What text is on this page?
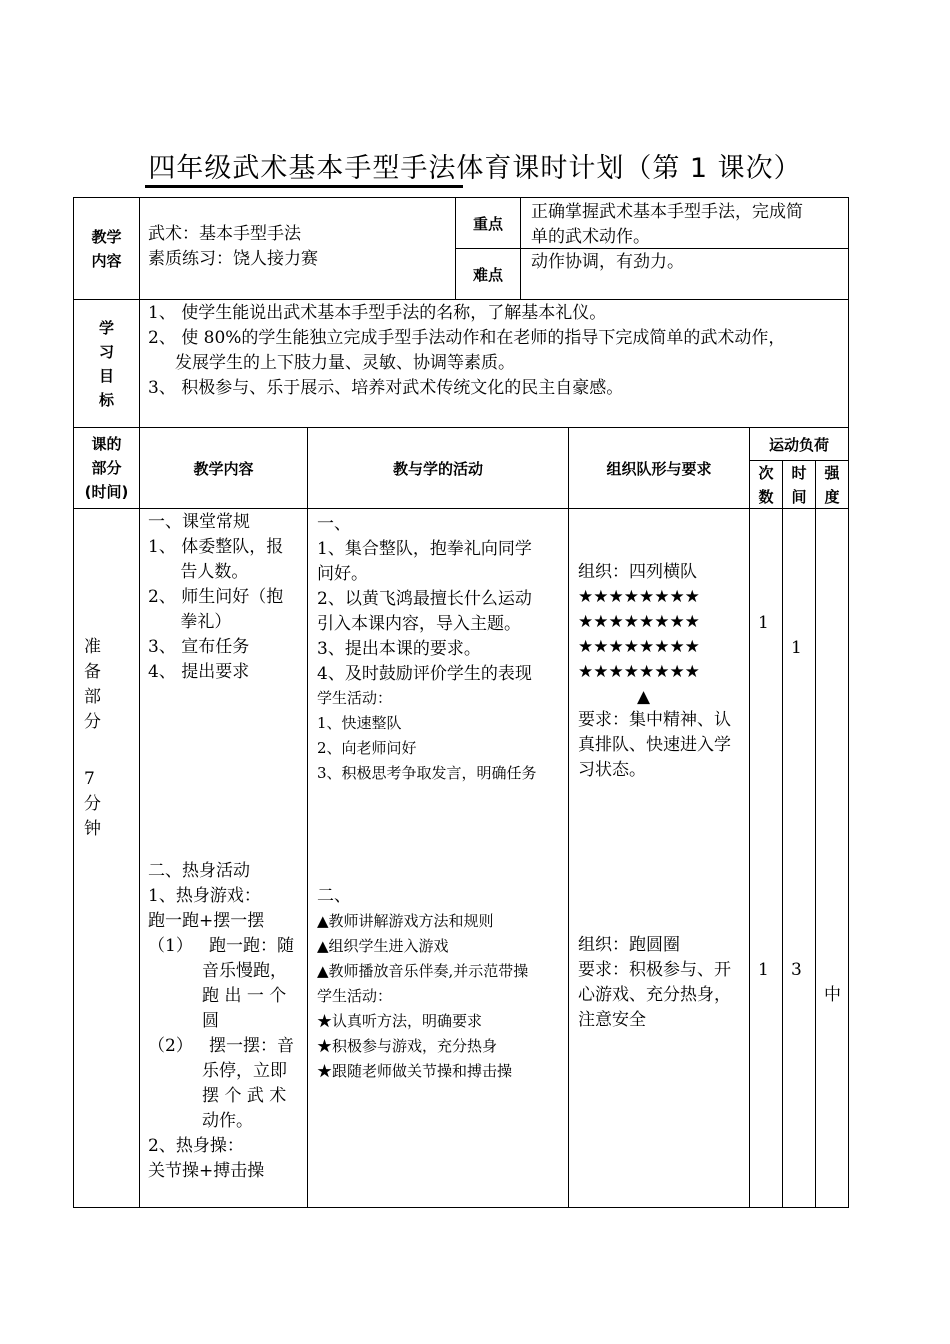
四年级武术基本手型手法体育课时计划（第 1 课次）
教学
内容
武术：基本手型手法
素质练习：饶人接力赛
重点
正确掌握武术基本手型手法，完成简
单的武术动作。
难点
动作协调，有劲力。
学
习
目
标
1、 使学生能说出武术基本手型手法的名称，了解基本礼仪。
2、 使 80%的学生能独立完成手型手法动作和在老师的指导下完成简单的武术动作，
发展学生的上下肢力量、灵敏、协调等素质。
3、 积极参与、乐于展示、培养对武术传统文化的民主自豪感。
课的
部分
(时间)
教学内容	教与学的活动	组织队形与要求
运动负荷
次
数
时
间
强
度
准
备
部
分
7
分
钟
一、课堂常规
1、 体委整队，报
告人数。
2、 师生问好（抱
拳礼）
3、 宣布任务
4、 提出要求
二、热身活动
1、热身游戏：
跑一跑+摆一摆
（1）   跑一跑：随
音乐慢跑，
跑 出 一 个
圆
（2）   摆一摆：音
乐停，立即
摆 个 武 术
动作。
2、热身操：
关节操+搏击操
一、
1、集合整队，抱拳礼向同学
问好。
2、以黄飞鸿最擅长什么运动
引入本课内容，导入主题。
3、提出本课的要求。
4、及时鼓励评价学生的表现
学生活动：
1、快速整队
2、向老师问好
3、积极思考争取发言，明确任务
二、
▲教师讲解游戏方法和规则
▲组织学生进入游戏
▲教师播放音乐伴奏,并示范带操
学生活动：
★认真听方法，明确要求
★积极参与游戏，充分热身
★跟随老师做关节操和搏击操
组织：四列横队
★★★★★★★★
★★★★★★★★
★★★★★★★★
★★★★★★★★
▲
要求：集中精神、认
真排队、快速进入学
习状态。
组织：跑圆圈
要求：积极参与、开
心游戏、充分热身，
注意安全
1
1
1
3
中
